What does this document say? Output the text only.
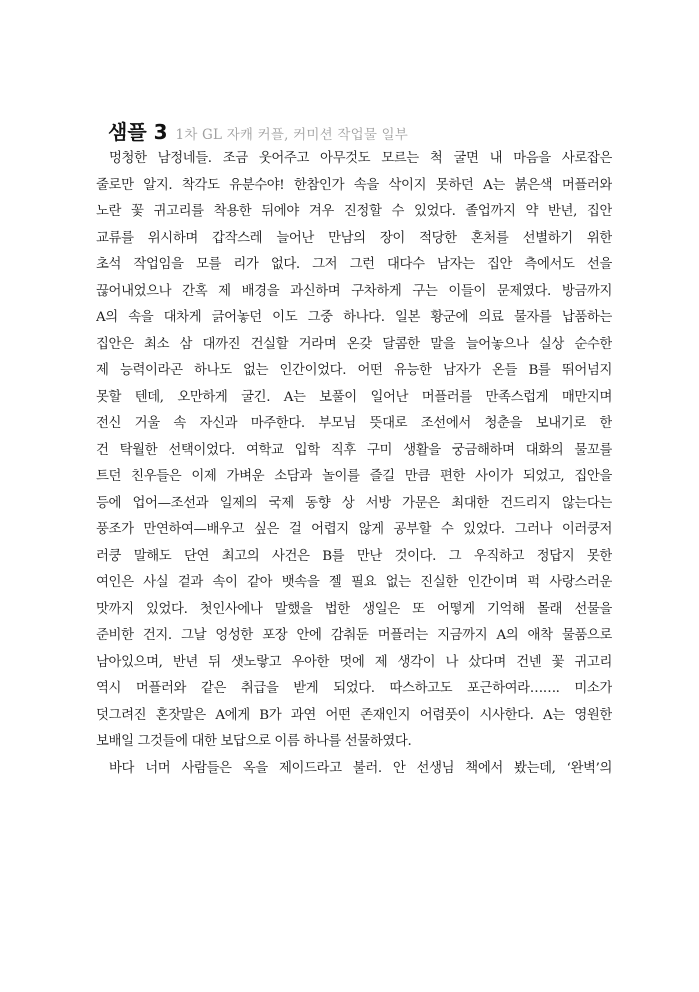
샘플 3 1차 GL 자캐 커플, 커미션 작업물 일부
멍청한 남정네들. 조금 웃어주고 아무것도 모르는 척 굴면 내 마음을 사로잡은
줄로만 알지. 착각도 유분수야! 한참인가 속을 삭이지 못하던 A는 붉은색 머플러와
노란 꽃 귀고리를 착용한 뒤에야 겨우 진정할 수 있었다. 졸업까지 약 반년, 집안
교류를 위시하며 갑작스레 늘어난 만남의 장이 적당한 혼처를 선별하기 위한
초석 작업임을 모를 리가 없다. 그저 그런 대다수 남자는 집안 측에서도 선을
끊어내었으나 간혹 제 배경을 과신하며 구차하게 구는 이들이 문제였다. 방금까지
A의 속을 대차게 긁어놓던 이도 그중 하나다. 일본 황군에 의료 물자를 납품하는
집안은 최소 삼 대까진 건실할 거라며 온갖 달콤한 말을 늘어놓으나 실상 순수한
제 능력이라곤 하나도 없는 인간이었다. 어떤 유능한 남자가 온들 B를 뛰어넘지
못할 텐데, 오만하게 굴긴. A는 보풀이 일어난 머플러를 만족스럽게 매만지며
전신 거울 속 자신과 마주한다. 부모님 뜻대로 조선에서 청춘을 보내기로 한
건 탁월한 선택이었다. 여학교 입학 직후 구미 생활을 궁금해하며 대화의 물꼬를
트던 친우들은 이제 가벼운 소담과 놀이를 즐길 만큼 편한 사이가 되었고, 집안을
등에 업어—조선과 일제의 국제 동향 상 서방 가문은 최대한 건드리지 않는다는
풍조가 만연하여—배우고 싶은 걸 어렵지 않게 공부할 수 있었다. 그러나 이러쿵저
러쿵 말해도 단연 최고의 사건은 B를 만난 것이다. 그 우직하고 정답지 못한
여인은 사실 겉과 속이 같아 뱃속을 젤 필요 없는 진실한 인간이며 퍽 사랑스러운
맛까지 있었다. 첫인사에나 말했을 법한 생일은 또 어떻게 기억해 몰래 선물을
준비한 건지. 그날 엉성한 포장 안에 감춰둔 머플러는 지금까지 A의 애착 물품으로
남아있으며, 반년 뒤 샛노랗고 우아한 멋에 제 생각이 나 샀다며 건넨 꽃 귀고리
역시 머플러와 같은 취급을 받게 되었다. 따스하고도 포근하여라……. 미소가
덧그려진 혼잣말은 A에게 B가 과연 어떤 존재인지 어렴풋이 시사한다. A는 영원한
보배일 그것들에 대한 보답으로 이름 하나를 선물하였다.
바다 너머 사람들은 옥을 제이드라고 불러. 안 선생님 책에서 봤는데, ‘완벽’의
